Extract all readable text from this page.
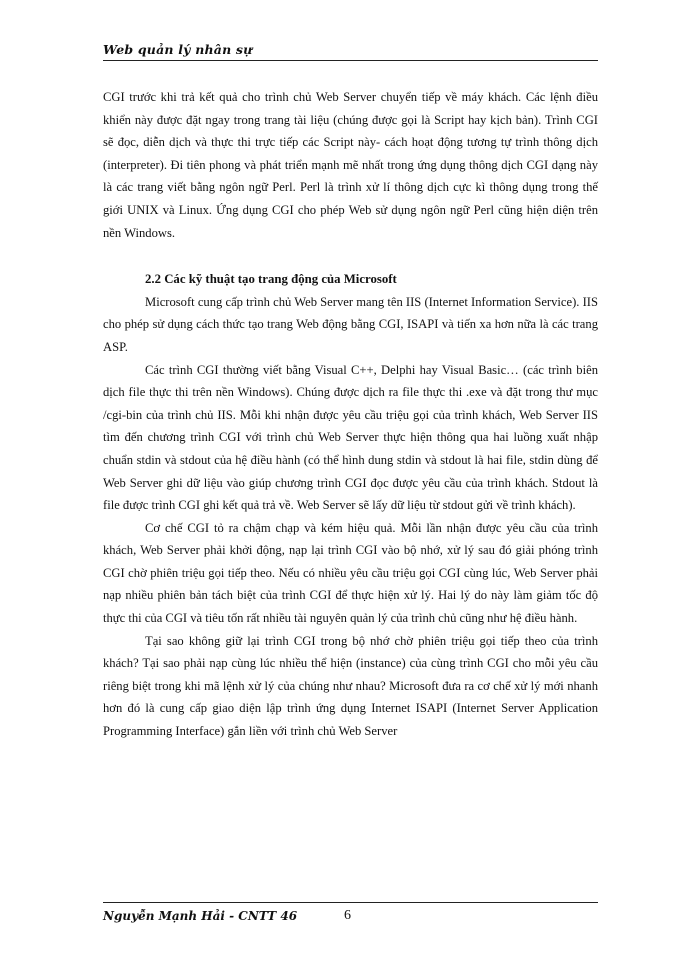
Web quản lý nhân sự

CGI trước khi trả kết quả cho trình chủ Web Server chuyển tiếp về máy khách. Các lệnh điều khiển này được đặt ngay trong trang tài liệu (chúng được gọi là Script hay kịch bản). Trình CGI sẽ đọc, diễn dịch và thực thi trực tiếp các Script này- cách hoạt động tương tự trình thông dịch (interpreter). Đi tiên phong và phát triển mạnh mẽ nhất trong ứng dụng thông dịch CGI dạng này là các trang viết bằng ngôn ngữ Perl. Perl là trình xử lí thông dịch cực kì thông dụng trong thế giới UNIX và Linux. Ứng dụng CGI cho phép Web sử dụng ngôn ngữ Perl cũng hiện diện trên nền Windows.

2.2 Các kỹ thuật tạo trang động của Microsoft

Microsoft cung cấp trình chủ Web Server mang tên IIS (Internet Information Service). IIS cho phép sử dụng cách thức tạo trang Web động bằng CGI, ISAPI và tiến xa hơn nữa là các trang ASP.

Các trình CGI thường viết bằng Visual C++, Delphi hay Visual Basic… (các trình biên dịch file thực thi trên nền Windows). Chúng được dịch ra file thực thi .exe và đặt trong thư mục /cgi-bin của trình chủ IIS. Mỗi khi nhận được yêu cầu triệu gọi của trình khách, Web Server IIS tìm đến chương trình CGI với trình chủ Web Server thực hiện thông qua hai luồng xuất nhập chuẩn stdin và stdout của hệ điều hành (có thể hình dung stdin và stdout là hai file, stdin dùng để Web Server ghi dữ liệu vào giúp chương trình CGI đọc được yêu cầu của trình khách. Stdout là file được trình CGI ghi kết quả trả về. Web Server sẽ lấy dữ liệu từ stdout gửi về trình khách).

Cơ chế CGI tỏ ra chậm chạp và kém hiệu quả. Mỗi lần nhận được yêu cầu của trình khách, Web Server phải khởi động, nạp lại trình CGI vào bộ nhớ, xử lý sau đó giải phóng trình CGI chờ phiên triệu gọi tiếp theo. Nếu có nhiều yêu cầu triệu gọi CGI cùng lúc, Web Server phải nạp nhiều phiên bản tách biệt của trình CGI để thực hiện xử lý. Hai lý do này làm giảm tốc độ thực thi của CGI và tiêu tốn rất nhiều tài nguyên quản lý của trình chủ cũng như hệ điều hành.

Tại sao không giữ lại trình CGI trong bộ nhớ chờ phiên triệu gọi tiếp theo của trình khách? Tại sao phải nạp cùng lúc nhiều thể hiện (instance) của cùng trình CGI cho mỗi yêu cầu riêng biệt trong khi mã lệnh xử lý của chúng như nhau? Microsoft đưa ra cơ chế xử lý mới nhanh hơn đó là cung cấp giao diện lập trình ứng dụng Internet ISAPI (Internet Server Application Programming Interface) gắn liền với trình chủ Web Server

Nguyễn Mạnh Hải - CNTT 46	6
